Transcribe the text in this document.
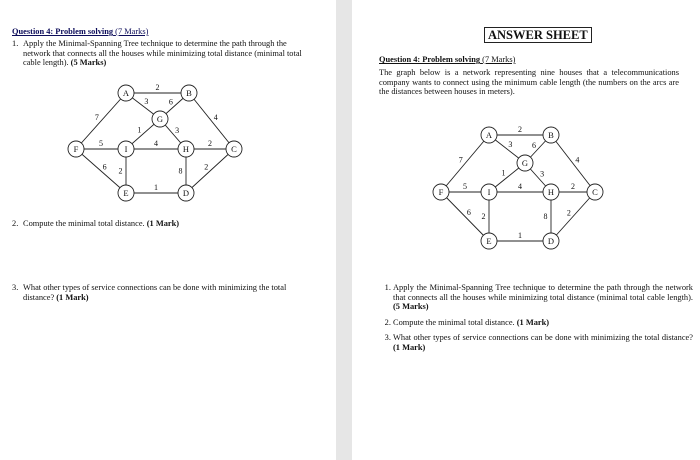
Question 4: Problem solving (7 Marks)
1. Apply the Minimal-Spanning Tree technique to determine the path through the network that connects all the houses while minimizing total distance (minimal total cable length). (5 Marks)
2
3	6
7
1	3
4
5	4	2
6 2	8
1
2
A	B
G
F	I	H	C
E	D
2. Compute the minimal total distance. (1 Mark)
3. What other types of service connections can be done with minimizing the total distance? (1 Mark)
ANSWER SHEET
Question 4: Problem solving (7 Marks)
The graph below is a network representing nine houses that a telecommunications company wants to connect using the minimum cable length (the numbers on the arcs are the distances between houses in meters).
2
3 6
7
1	3
4
5	4	2
6 2	8
1
2
A	B
G
F	I	H	C
E	D
1. Apply the Minimal-Spanning Tree technique to determine the path through the network that connects all the houses while minimizing total distance (minimal total cable length). (5 Marks)
2. Compute the minimal total distance. (1 Mark)
3. What other types of service connections can be done with minimizing the total distance? (1 Mark)
